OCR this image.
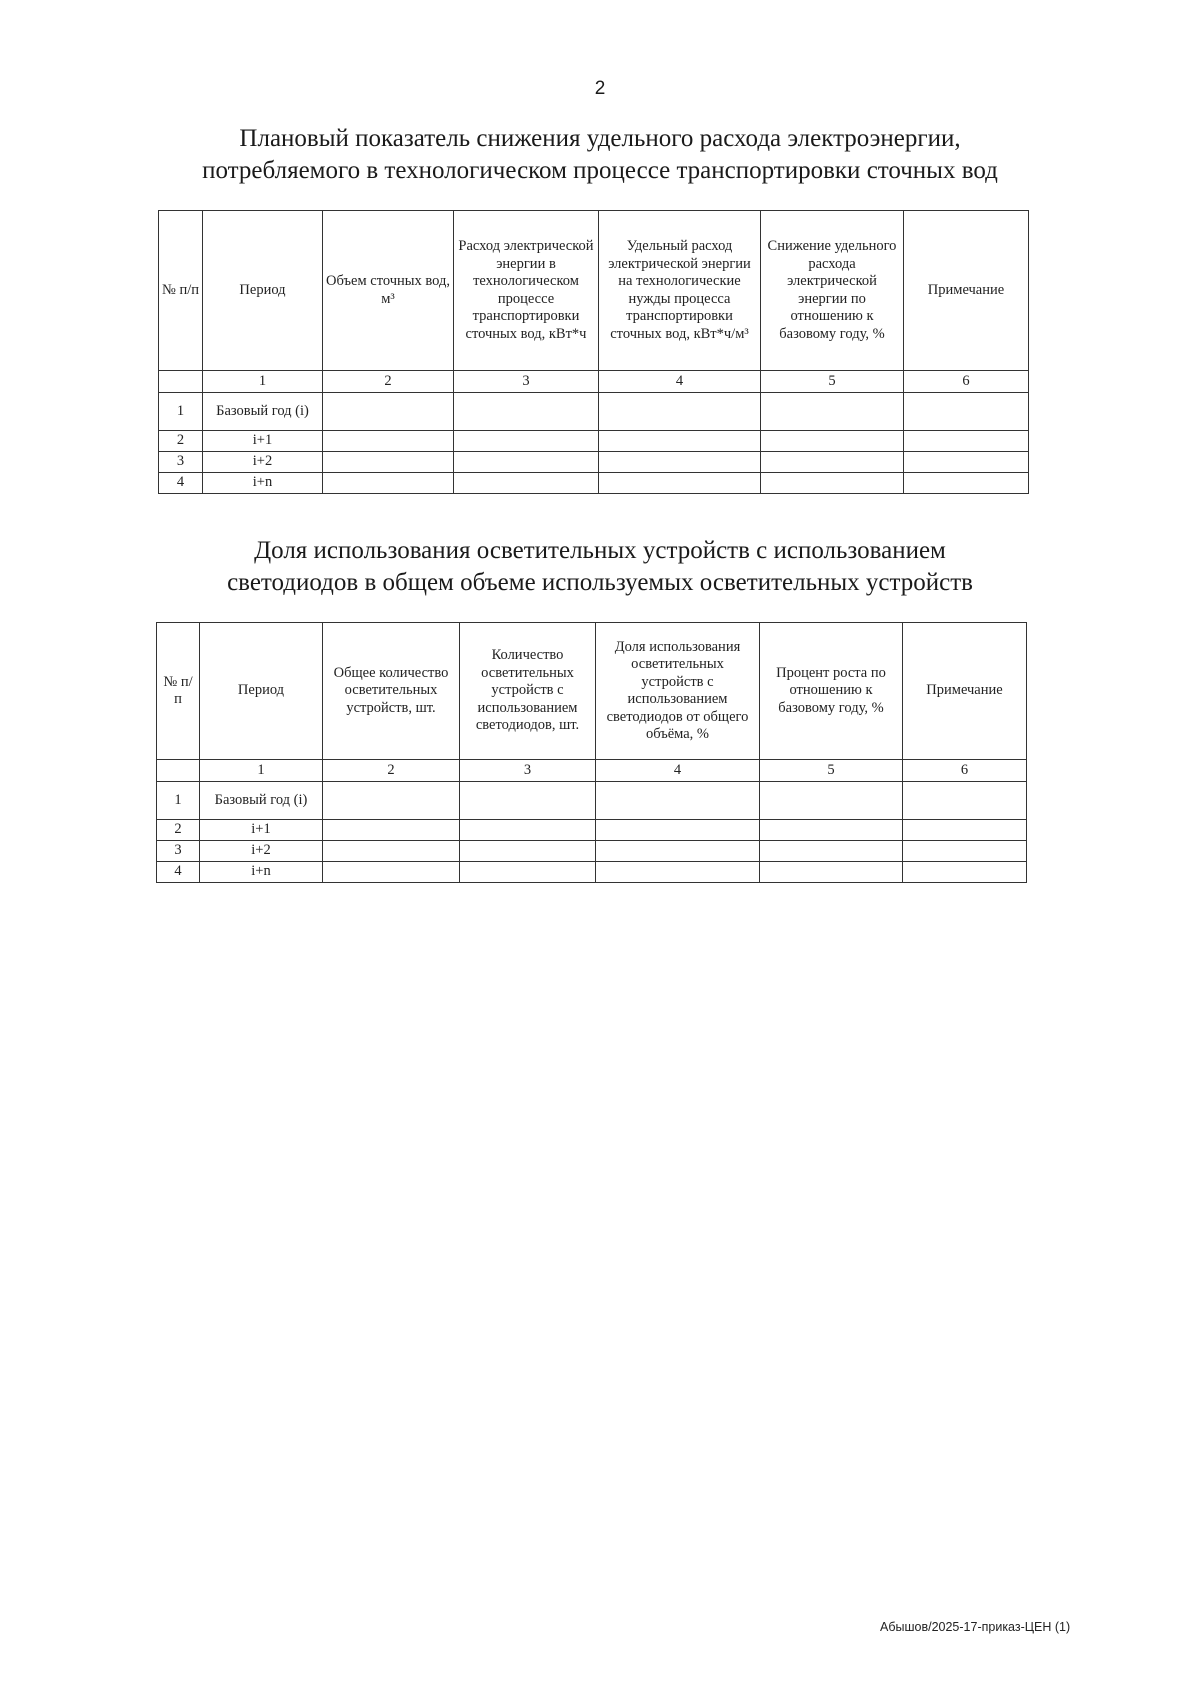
2
Плановый показатель снижения удельного расхода электроэнергии,
потребляемого в технологическом процессе транспортировки сточных вод
№ п/п	Период	Объем сточных вод, м³	Расход электрической энергии в технологическом процессе транспортировки сточных вод, кВт*ч	Удельный расход электрической энергии на технологические нужды процесса транспортировки сточных вод, кВт*ч/м³	Снижение удельного расхода электрической энергии по отношению к базовому году, %	Примечание
	1	2	3	4	5	6
1	Базовый год (i)					
2	i+1					
3	i+2					
4	i+n					
Доля использования осветительных устройств с использованием
светодиодов в общем объеме используемых осветительных устройств
№ п/п	Период	Общее количество осветительных устройств, шт.	Количество осветительных устройств с использованием светодиодов, шт.	Доля использования осветительных устройств с использованием светодиодов от общего объёма, %	Процент роста по отношению к базовому году, %	Примечание
	1	2	3	4	5	6
1	Базовый год (i)					
2	i+1					
3	i+2					
4	i+n					
Абышов/2025-17-приказ-ЦЕН (1)
